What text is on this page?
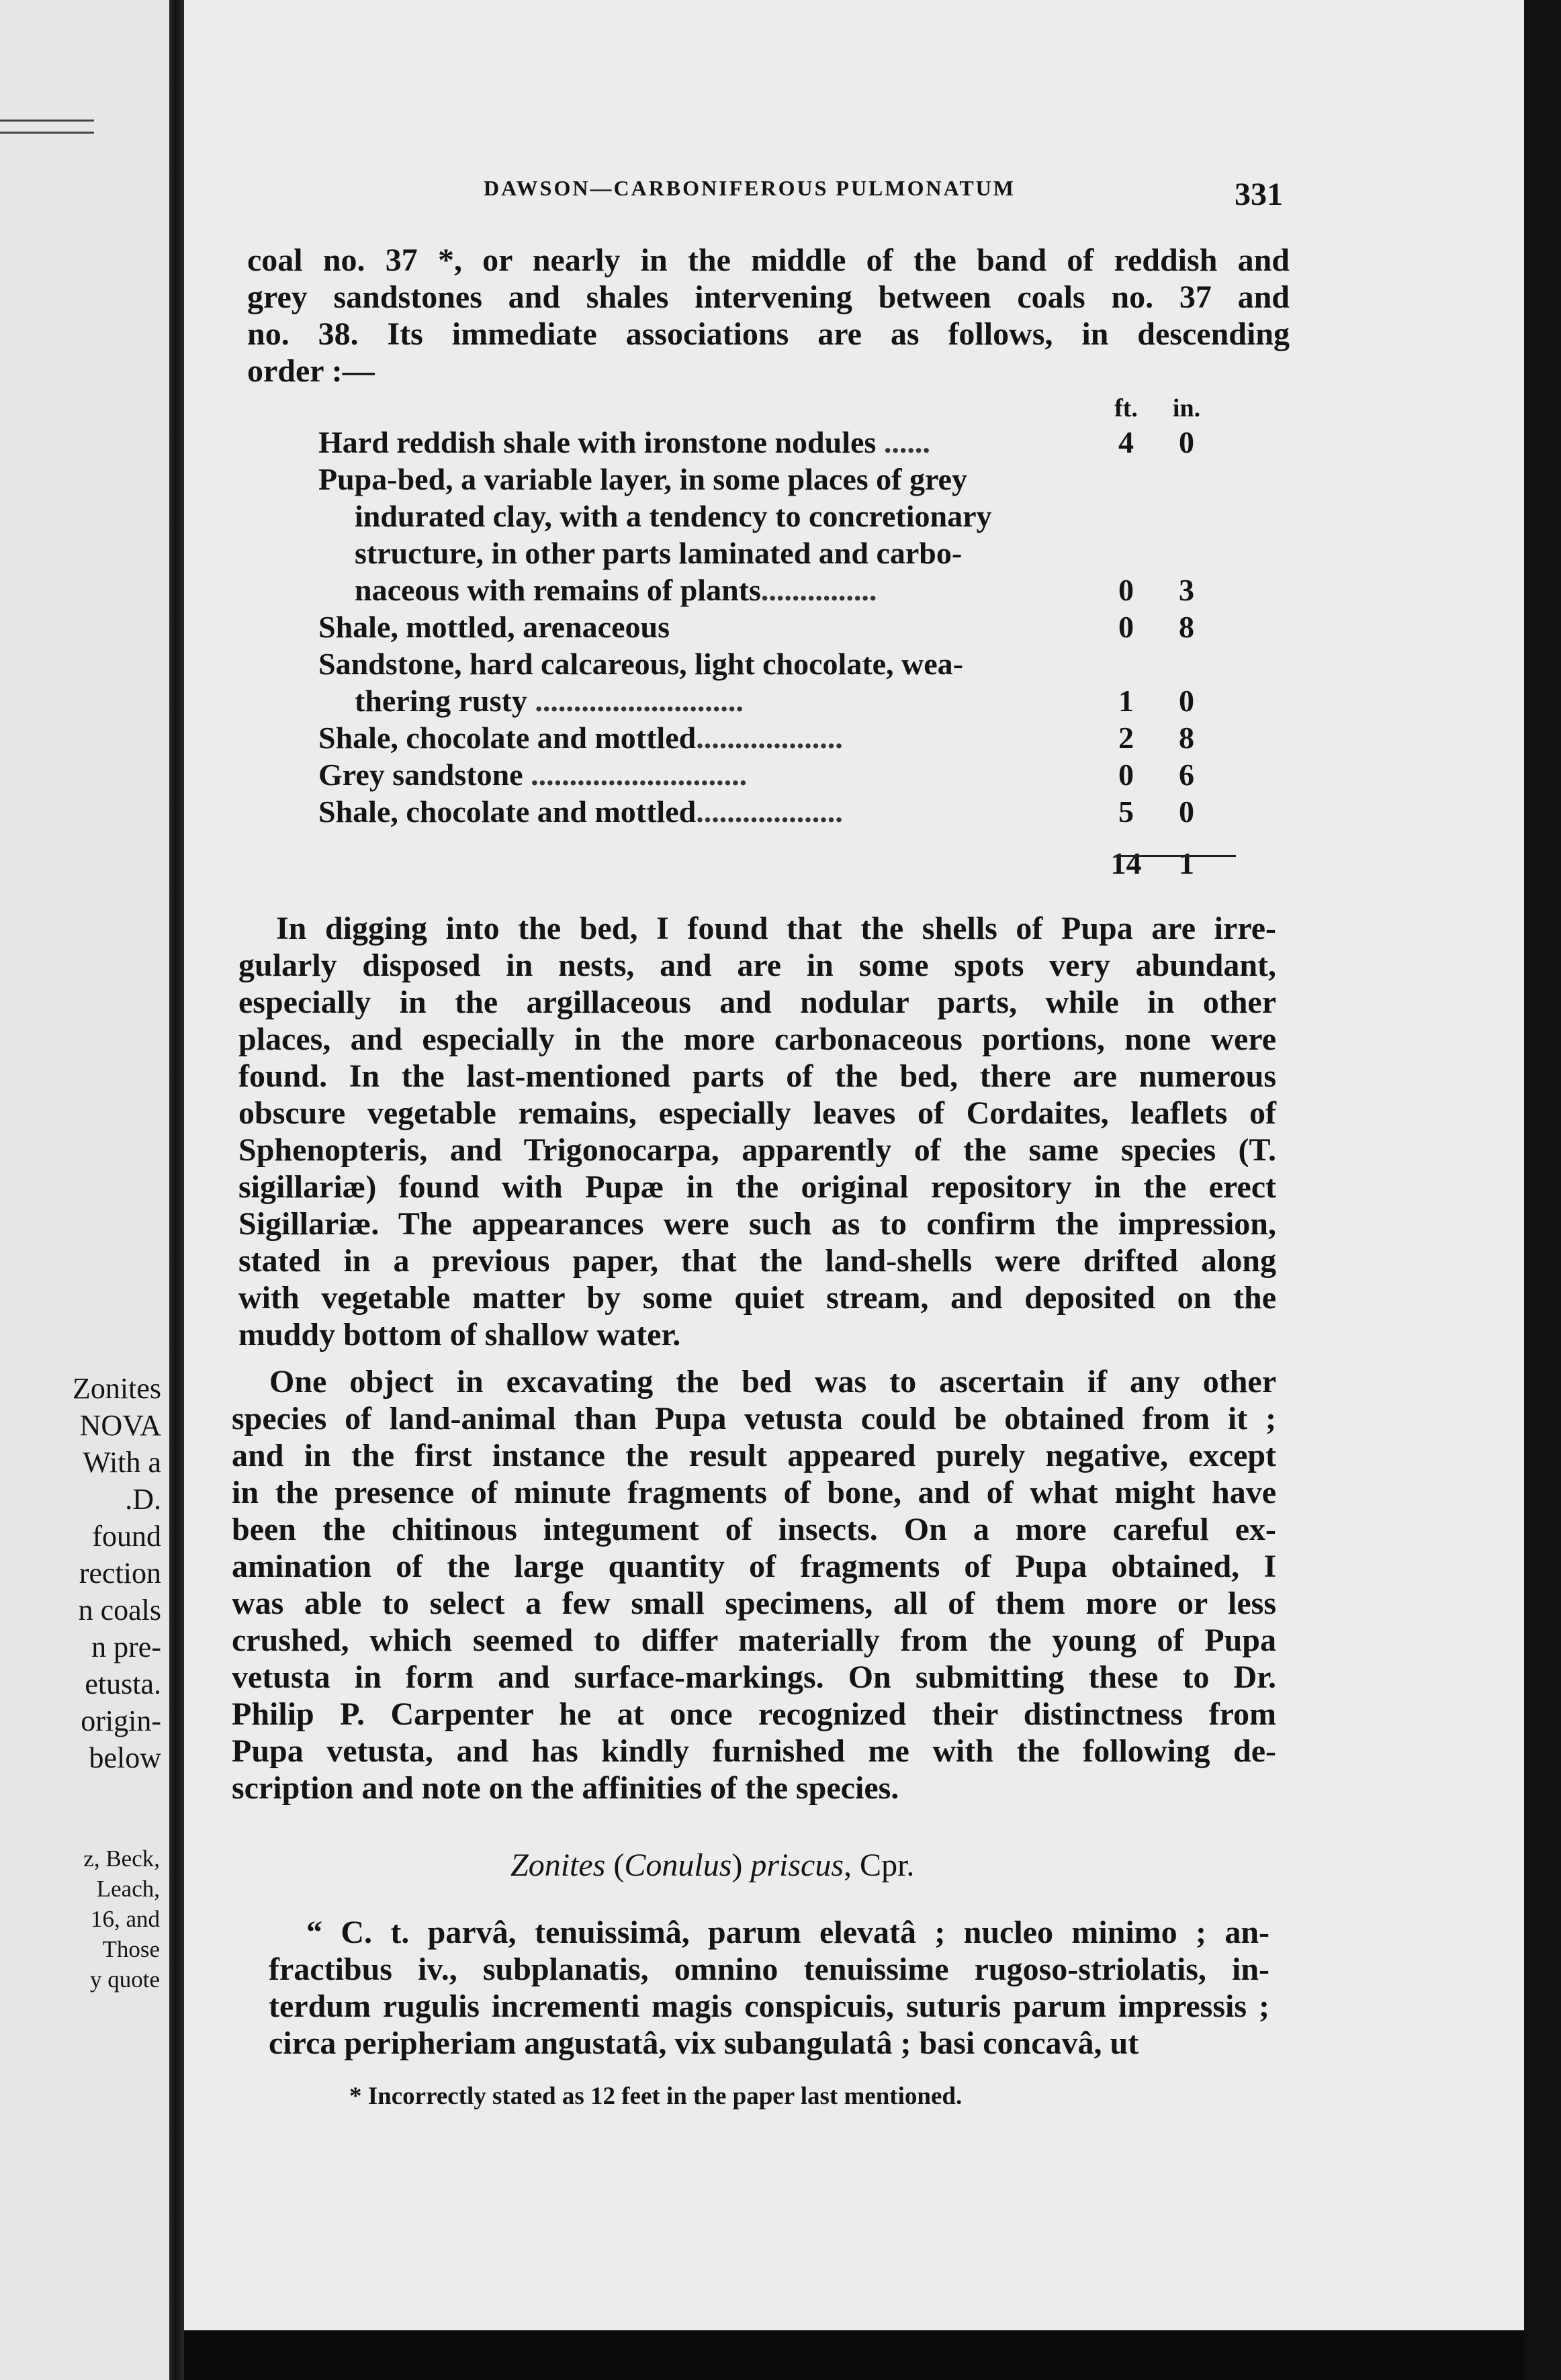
Zonites
NOVA
With a
.D.
found
rection
n coals
n pre-
etusta.
origin-
below
z, Beck,
Leach,
16, and
Those
y quote
DAWSON—CARBONIFEROUS PULMONATUM	331
coal no. 37 *, or nearly in the middle of the band of reddish and
grey sandstones and shales intervening between coals no. 37 and
no. 38. Its immediate associations are as follows, in descending
order :—
ft.	in.
Hard reddish shale with ironstone nodules ......	4	0
Pupa-bed, a variable layer, in some places of grey
indurated clay, with a tendency to concretionary
structure, in other parts laminated and carbo-
naceous with remains of plants...............	0	3
Shale, mottled, arenaceous	0	8
Sandstone, hard calcareous, light chocolate, wea-
thering rusty ...........................	1	0
Shale, chocolate and mottled...................	2	8
Grey sandstone ............................	0	6
Shale, chocolate and mottled...................	5	0
14	1
In digging into the bed, I found that the shells of Pupa are irre-
gularly disposed in nests, and are in some spots very abundant,
especially in the argillaceous and nodular parts, while in other
places, and especially in the more carbonaceous portions, none were
found. In the last-mentioned parts of the bed, there are numerous
obscure vegetable remains, especially leaves of Cordaites, leaflets of
Sphenopteris, and Trigonocarpa, apparently of the same species (T.
sigillariæ) found with Pupæ in the original repository in the erect
Sigillariæ. The appearances were such as to confirm the impression,
stated in a previous paper, that the land-shells were drifted along
with vegetable matter by some quiet stream, and deposited on the
muddy bottom of shallow water.
One object in excavating the bed was to ascertain if any other
species of land-animal than Pupa vetusta could be obtained from it ;
and in the first instance the result appeared purely negative, except
in the presence of minute fragments of bone, and of what might have
been the chitinous integument of insects. On a more careful ex-
amination of the large quantity of fragments of Pupa obtained, I
was able to select a few small specimens, all of them more or less
crushed, which seemed to differ materially from the young of Pupa
vetusta in form and surface-markings. On submitting these to Dr.
Philip P. Carpenter he at once recognized their distinctness from
Pupa vetusta, and has kindly furnished me with the following de-
scription and note on the affinities of the species.
Zonites (Conulus) priscus, Cpr.
“ C. t. parvâ, tenuissimâ, parum elevatâ ; nucleo minimo ; an-
fractibus iv., subplanatis, omnino tenuissime rugoso-striolatis, in-
terdum rugulis incrementi magis conspicuis, suturis parum impressis ;
circa peripheriam angustatâ, vix subangulatâ ; basi concavâ, ut
* Incorrectly stated as 12 feet in the paper last mentioned.
